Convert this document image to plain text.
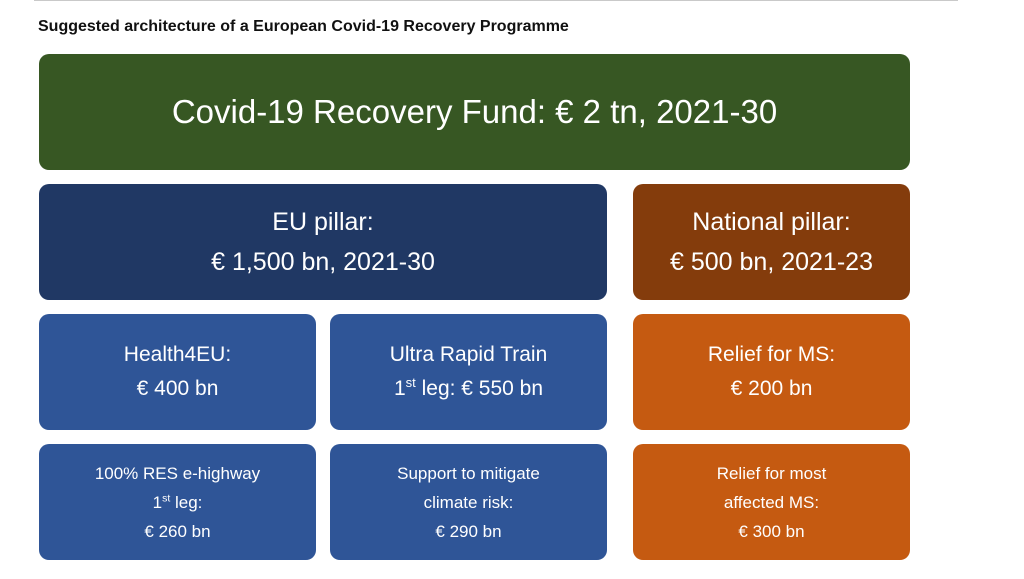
Suggested architecture of a European Covid-19 Recovery Programme
Covid-19 Recovery Fund: € 2 tn, 2021-30
EU pillar:
€ 1,500 bn, 2021-30
National pillar:
€ 500 bn, 2021-23
Health4EU:
€ 400 bn
Ultra Rapid Train
1st leg: € 550 bn
Relief for MS:
€ 200 bn
100% RES e-highway
1st leg:
€ 260 bn
Support to mitigate
climate risk:
€ 290 bn
Relief for most
affected MS:
€ 300 bn
